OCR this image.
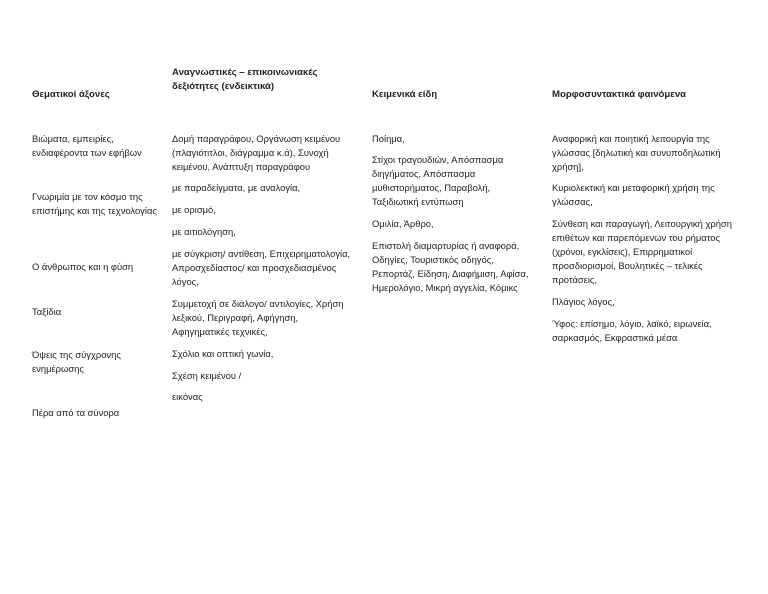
Θεματικοί άξονες
Βιώματα, εμπειρίες, ενδιαφέροντα των εφήβων
Γνωριμία με τον κόσμο της επιστήμης και της τεχνολογίας
Ο άνθρωπος και η φύση
Ταξίδια
Όψεις της σύγχρονης ενημέρωσης
Πέρα από τα σύνορα
Αναγνωστικές – επικοινωνιακές δεξιότητες (ενδεικτικά)
Δομή παραγράφου, Οργάνωση κειμένου (πλαγιότιτλοι, διάγραμμα κ.ά), Συνοχή κειμένου, Ανάπτυξη παραγράφου
με παραδείγματα, με αναλογία,
με ορισμό,
με αιτιολόγηση,
με σύγκριση/ αντίθεση, Επιχειρηματολογία, Απροσχεδίαστος/ και προσχεδιασμένος λόγος,
Συμμετοχή σε διάλογο/ αντιλογίες, Χρήση λεξικού, Περιγραφή, Αφήγηση, Αφηγηματικές τεχνικές,
Σχόλιο και οπτική γωνία,
Σχέση κειμένου /
εικόνας
Κειμενικά είδη
Ποίημα,
Στίχοι τραγουδιών, Απόσπασμα διηγήματος, Απόσπασμα μυθιστορήματος, Παραβολή, Ταξιδιωτική εντύπωση
Ομιλία, Άρθρο,
Επιστολή διαμαρτυρίας ή αναφορά, Οδηγίες, Τουριστικός οδηγός, Ρεπορτάζ, Είδηση, Διαφήμιση, Αφίσα, Ημερολόγιο, Μικρή αγγελία, Κόμικς
Μορφοσυντακτικά φαινόμενα
Αναφορική και ποιητική λειτουργία της γλώσσας [δηλωτική και συνυποδηλωτική χρήση],
Κυριολεκτική και μεταφορική χρήση της γλώσσας,
Σύνθεση και παραγωγή, Λειτουργική χρήση επιθέτων και παρεπόμενων του ρήματος (χρόνοι, εγκλίσεις), Επιρρηματικοί προσδιορισμοί, Βουλητικές – τελικές προτάσεις,
Πλάγιος λόγος,
Ύφος: επίσημο, λόγιο, λαϊκό, ειρωνεία, σαρκασμός, Εκφραστικά μέσα
